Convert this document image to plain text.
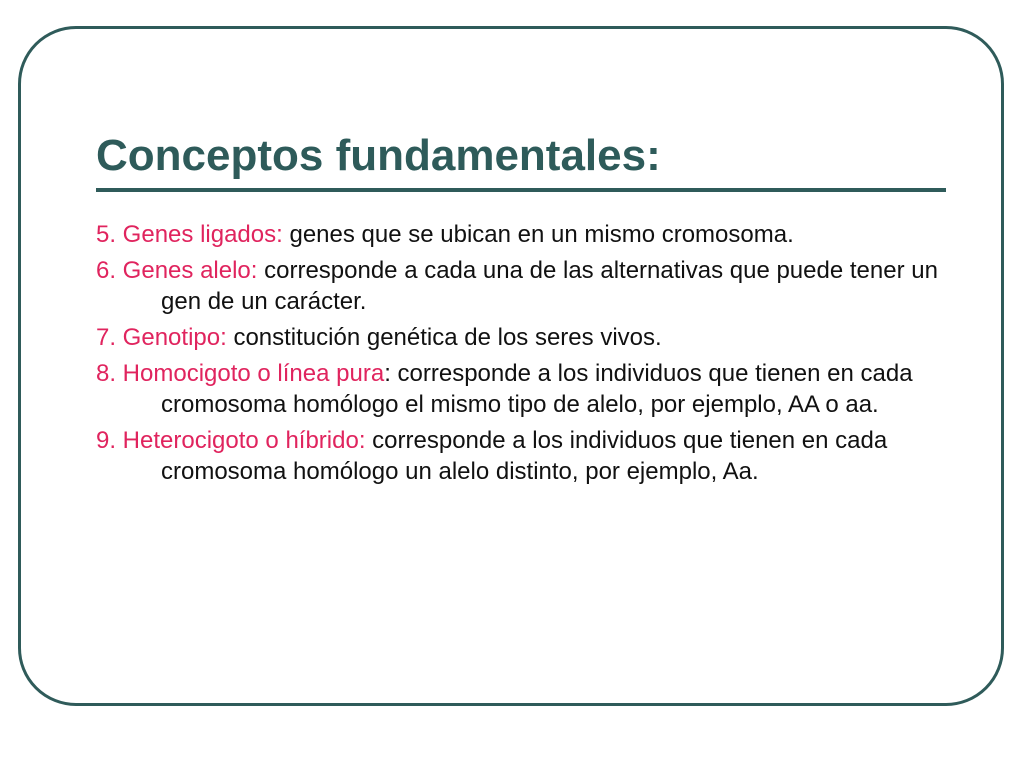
Conceptos fundamentales:
5. Genes ligados: genes que se ubican en un mismo cromosoma.
6. Genes alelo: corresponde a cada una de las alternativas que puede tener un gen de un carácter.
7. Genotipo: constitución genética de los seres vivos.
8. Homocigoto o línea pura: corresponde a los individuos que tienen en cada cromosoma homólogo el mismo tipo de alelo, por ejemplo, AA o aa.
9. Heterocigoto o híbrido: corresponde a los individuos que tienen en cada cromosoma homólogo un alelo distinto, por ejemplo, Aa.
